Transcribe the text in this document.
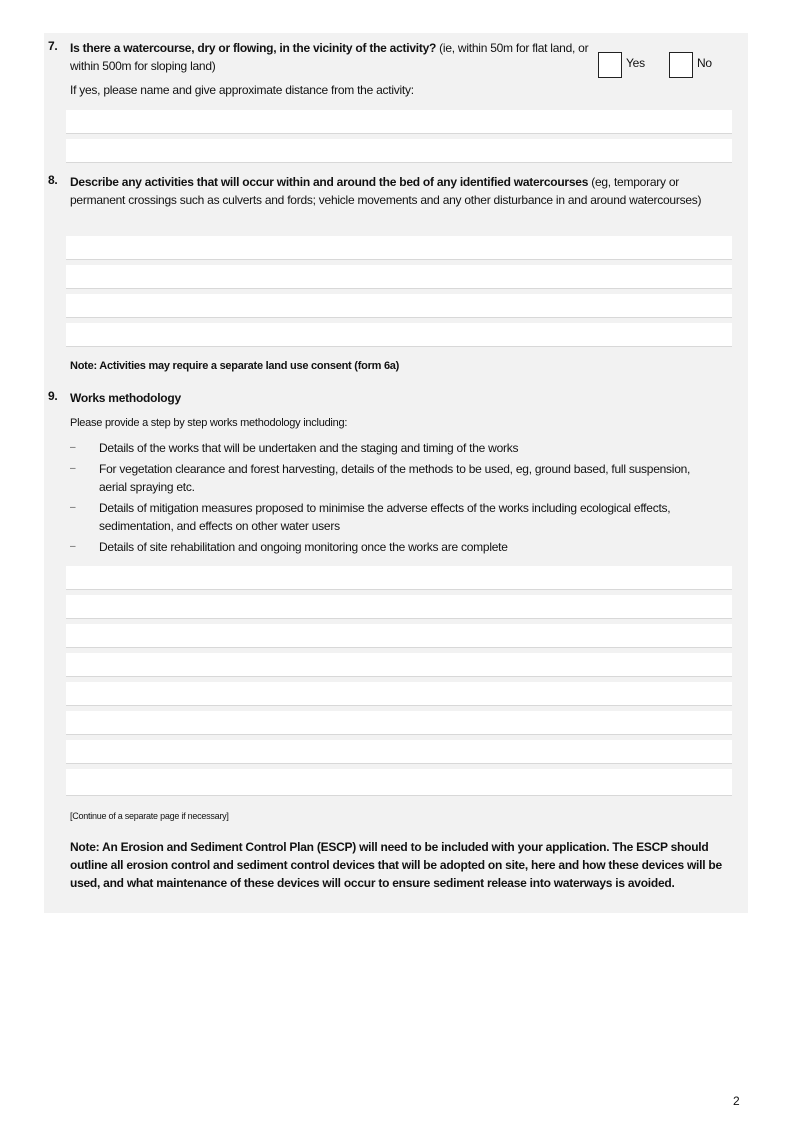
7. Is there a watercourse, dry or flowing, in the vicinity of the activity? (ie, within 50m for flat land, or within 500m for sloping land)	Yes	No
If yes, please name and give approximate distance from the activity:
8. Describe any activities that will occur within and around the bed of any identified watercourses (eg, temporary or permanent crossings such as culverts and fords; vehicle movements and any other disturbance in and around watercourses)
Note: Activities may require a separate land use consent (form 6a)
9. Works methodology
Please provide a step by step works methodology including:
– Details of the works that will be undertaken and the staging and timing of the works
– For vegetation clearance and forest harvesting, details of the methods to be used, eg, ground based, full suspension, aerial spraying etc.
– Details of mitigation measures proposed to minimise the adverse effects of the works including ecological effects, sedimentation, and effects on other water users
– Details of site rehabilitation and ongoing monitoring once the works are complete
[Continue of a separate page if necessary]
Note: An Erosion and Sediment Control Plan (ESCP) will need to be included with your application. The ESCP should outline all erosion control and sediment control devices that will be adopted on site, here and how these devices will be used, and what maintenance of these devices will occur to ensure sediment release into waterways is avoided.
2
